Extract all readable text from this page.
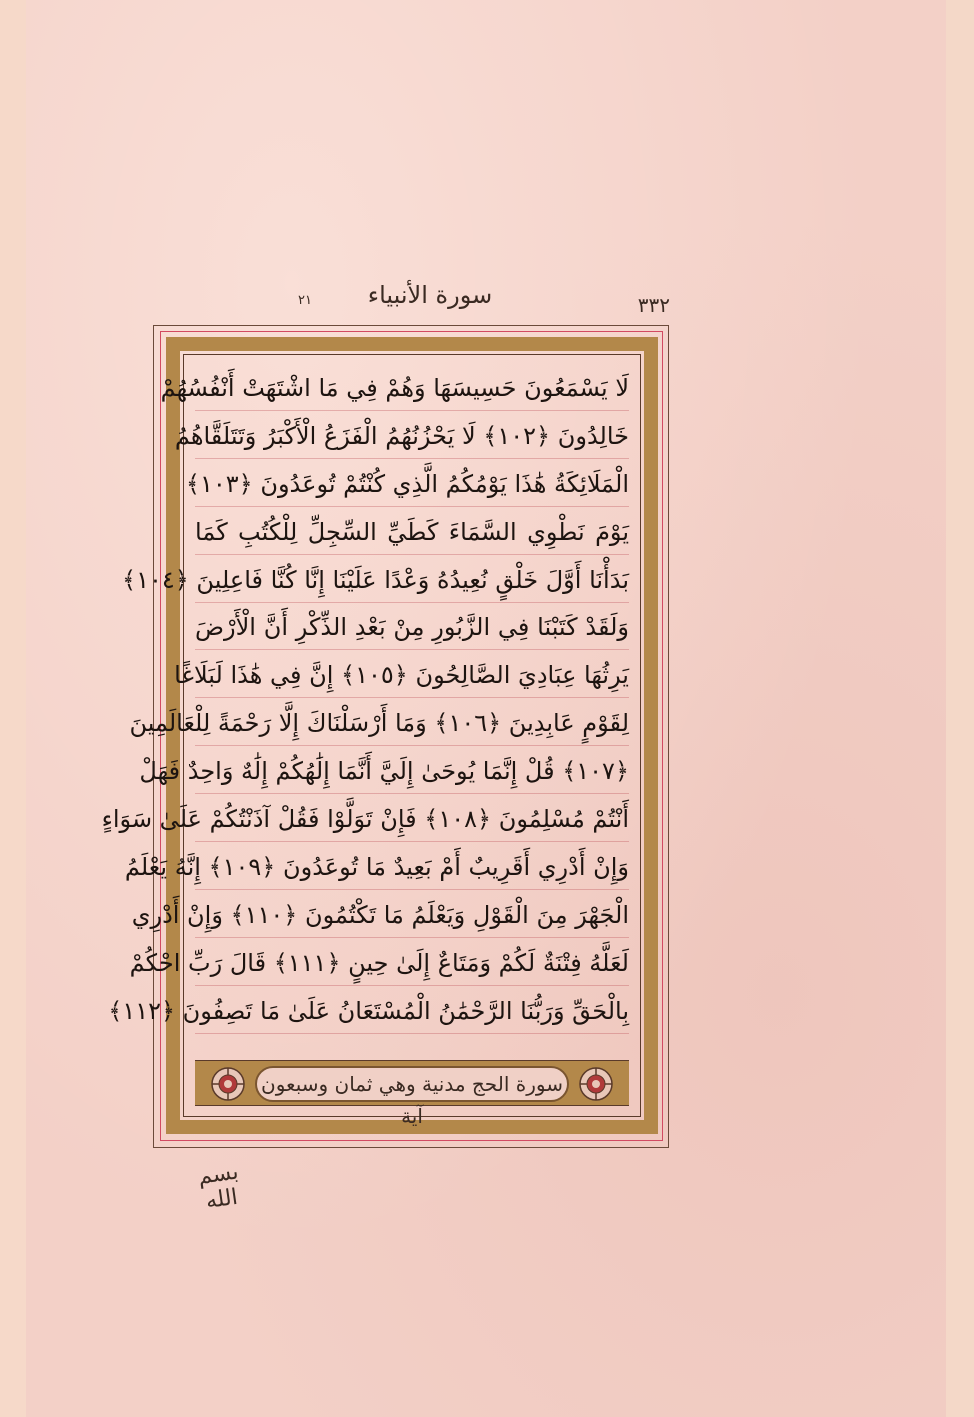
٣٣٢
سورة الأنبياء
٢١
لَا يَسْمَعُونَ حَسِيسَهَا وَهُمْ فِي مَا اشْتَهَتْ أَنْفُسُهُمْ
خَالِدُونَ ﴿١٠٢﴾ لَا يَحْزُنُهُمُ الْفَزَعُ الْأَكْبَرُ وَتَتَلَقَّاهُمُ
الْمَلَائِكَةُ هَٰذَا يَوْمُكُمُ الَّذِي كُنْتُمْ تُوعَدُونَ ﴿١٠٣﴾
يَوْمَ نَطْوِي السَّمَاءَ كَطَيِّ السِّجِلِّ لِلْكُتُبِ كَمَا
بَدَأْنَا أَوَّلَ خَلْقٍ نُعِيدُهُ وَعْدًا عَلَيْنَا إِنَّا كُنَّا فَاعِلِينَ ﴿١٠٤﴾
وَلَقَدْ كَتَبْنَا فِي الزَّبُورِ مِنْ بَعْدِ الذِّكْرِ أَنَّ الْأَرْضَ
يَرِثُهَا عِبَادِيَ الصَّالِحُونَ ﴿١٠٥﴾ إِنَّ فِي هَٰذَا لَبَلَاغًا
لِقَوْمٍ عَابِدِينَ ﴿١٠٦﴾ وَمَا أَرْسَلْنَاكَ إِلَّا رَحْمَةً لِلْعَالَمِينَ
﴿١٠٧﴾ قُلْ إِنَّمَا يُوحَىٰ إِلَيَّ أَنَّمَا إِلَٰهُكُمْ إِلَٰهٌ وَاحِدٌ فَهَلْ
أَنْتُمْ مُسْلِمُونَ ﴿١٠٨﴾ فَإِنْ تَوَلَّوْا فَقُلْ آذَنْتُكُمْ عَلَىٰ سَوَاءٍ
وَإِنْ أَدْرِي أَقَرِيبٌ أَمْ بَعِيدٌ مَا تُوعَدُونَ ﴿١٠٩﴾ إِنَّهُ يَعْلَمُ
الْجَهْرَ مِنَ الْقَوْلِ وَيَعْلَمُ مَا تَكْتُمُونَ ﴿١١٠﴾ وَإِنْ أَدْرِي
لَعَلَّهُ فِتْنَةٌ لَكُمْ وَمَتَاعٌ إِلَىٰ حِينٍ ﴿١١١﴾ قَالَ رَبِّ احْكُمْ
بِالْحَقِّ وَرَبُّنَا الرَّحْمَٰنُ الْمُسْتَعَانُ عَلَىٰ مَا تَصِفُونَ ﴿١١٢﴾
سورة الحج مدنية وهي ثمان وسبعون آية
بسم الله
